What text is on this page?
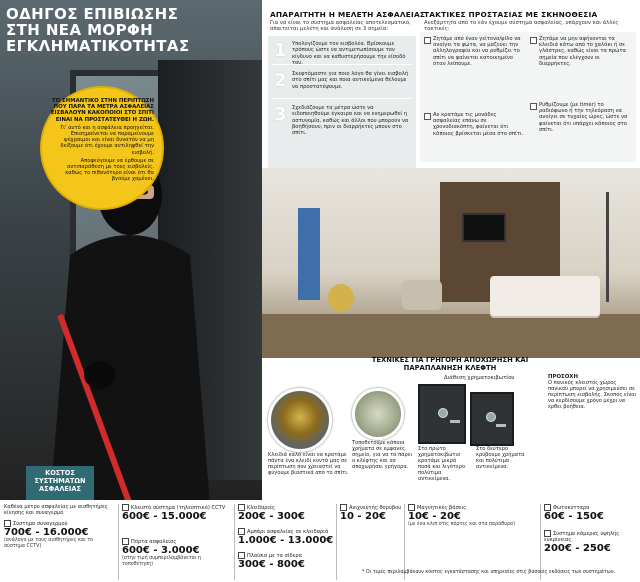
ΟΔΗΓΟΣ ΕΠΙΒΙΩΣΗΣ
ΣΤΗ ΝΕΑ ΜΟΡΦΗ
ΕΓΚΛΗΜΑΤΙΚΟΤΗΤΑΣ
ΤΟ ΣΗΜΑΝΤΙΚΟ ΣΤΗΝ ΠΕΡΙΠΤΩΣΗ ΠΟΥ ΠΑΡΑ ΤΑ ΜΕΤΡΑ ΑΣΦΑΛΕΙΑΣ ΕΙΣΒΑΛΟΥΝ ΚΑΚΟΠΟΙΟΙ ΣΤΟ ΣΠΙΤΙ ΕΙΝΑΙ ΝΑ ΠΡΟΣΤΑΤΕΥΘΕΙ Η ΖΩΗ.

Γι' αυτό και η ασφάλεια προηγείται. Επισημαίνεται να παραμείνουμε ψύχραιμοι και είναι δυνατόν να μη δείξουμε ότι έχουμε αντιληφθεί την εισβολή.

Αποφεύγουμε να έρθουμε σε αντιπαράθεση με τους εισβολείς, καθώς το πιθανότερο είναι ότι θα βγούμε χαμένοι.

ΚΟΣΤΟΣ ΣΥΣΤΗΜΑΤΩΝ ΑΣΦΑΛΕΙΑΣ
ΑΠΑΡΑΙΤΗΤΗ Η ΜΕΛΕΤΗ ΑΣΦΑΛΕΙΑΣ
Για να είναι το σύστημα ασφαλείας αποτελεσματικό, απαιτείται μελέτη και ανάλυση σε 3 σημεία:
1 Υπολογίζουμε τον εισβολέα. Βρίσκουμε τρόπους ώστε να αντιμετωπίσουμε τον κίνδυνο και να καθυστερήσουμε την είσοδό του.
2 Σκεφτόμαστε για ποιο λόγο θα γίνει εισβολή στο σπίτι μας και ποια αντικείμενα θέλουμε να προστατέψουμε.
3 Σχεδιάζουμε τα μέτρα ώστε να ειδοποιηθούμε έγκαιρα και να ενημερωθεί η αστυνομία, καθώς και άλλοι που μπορούν να βοηθήσουν, πριν οι διαρρήκτες μπουν στο σπίτι.
ΤΑΚΤΙΚΕΣ ΠΡΟΣΤΑΣΙΑΣ ΜΕ ΣΚΗΝΟΘΕΣΙΑ
Ανεξάρτητα από το εάν έχουμε σύστημα ασφαλείας, υπάρχουν και άλλες τακτικές:
Ζητάμε από έναν γείτονα/φίλο να ανοίγει τα φώτα, να μαζεύει την αλληλογραφία και να ρυθμίζει το σπίτι να φαίνεται κατοικημένο όταν λείπουμε.
Ζητάμε να μην αφήνονται τα κλειδιά κάτω από το χαλάκι ή σε γλάστρες, καθώς είναι τα πρώτα σημεία που ελέγχουν οι διαρρήκτες.
Αν κρατάμε τις μονάδες ασφαλείας επάνω σε χρονοδιακόπτη, φαίνεται ότι κάποιος βρίσκεται μέσα στο σπίτι.
Ρυθμίζουμε (με timer) το ραδιόφωνο ή την τηλεόραση να ανοίγει σε τυχαίες ώρες, ώστε να φαίνεται ότι υπάρχει κάποιος στο σπίτι.
ΤΕΧΝΙΚΕΣ ΓΙΑ ΓΡΗΓΟΡΗ ΑΠΟΧΩΡΗΣΗ ΚΑΙ ΠΑΡΑΠΛΑΝΗΣΗ ΚΛΕΦΤΗ
Διάθεση χρηματοκιβωτίου
Κλειδιά καλό είναι να κρατάμε πάντα ένα κλειδί κοντά μας σε περίπτωση που χρειαστεί να φύγουμε βιαστικά από το σπίτι.
Τοποθετούμε κάποια χρήματα σε εμφανές σημείο, για να τα πάρει ο κλέφτης και να αποχωρήσει γρήγορα.
Στο πρώτο χρηματοκιβώτιο κρατάμε μικρά ποσά και λιγότερο πολύτιμα αντικείμενα.
Στο δεύτερο κρύβουμε χρήματα και πολύτιμα αντικείμενα.
ΠΡΟΣΟΧΗ
Ο πανικός κλειστός χώρος πανικού μπορεί να χρησιμεύσει σε περίπτωση εισβολής. Σκοπός είναι να κερδίσουμε χρόνο μέχρι να έρθει βοήθεια.
Καθένα μέτρο ασφαλείας με αισθητήρες κίνησης και συναγερμό
Σύστημα συναγερμού
700€ - 16.000€
(ανάλογα με τους αισθητήρες και το σύστημα CCTV)
Κλειστό σύστημα (τηλεοπτικό) CCTV
600€ - 15.000€
Πόρτα ασφαλείας
600€ - 3.000€
(στην τιμή συμπεριλαμβάνεται η τοποθέτηση)
Κλειδαριές
200€ - 300€
Αμπάρι ασφαλείας σε κλειδαριά
1.000€ - 13.000€
Πλαίσια με τα σίδερα
300€ - 800€
Ανιχνευτής θορύβου
10 - 20€
Μαγνητικές βάσεις
10€ - 20€
(με ένα κλιπ στις πόρτες και στα παράθυρα)
Φωτοκύτταρα
60€ - 150€
Σύστημα κάμερας υψηλής ευκρίνειας
200€ - 250€
* Οι τιμές περιλαμβάνουν κόστος εγκατάστασης και υπηρεσίες στις βασικές εκδόσεις των συστημάτων.
